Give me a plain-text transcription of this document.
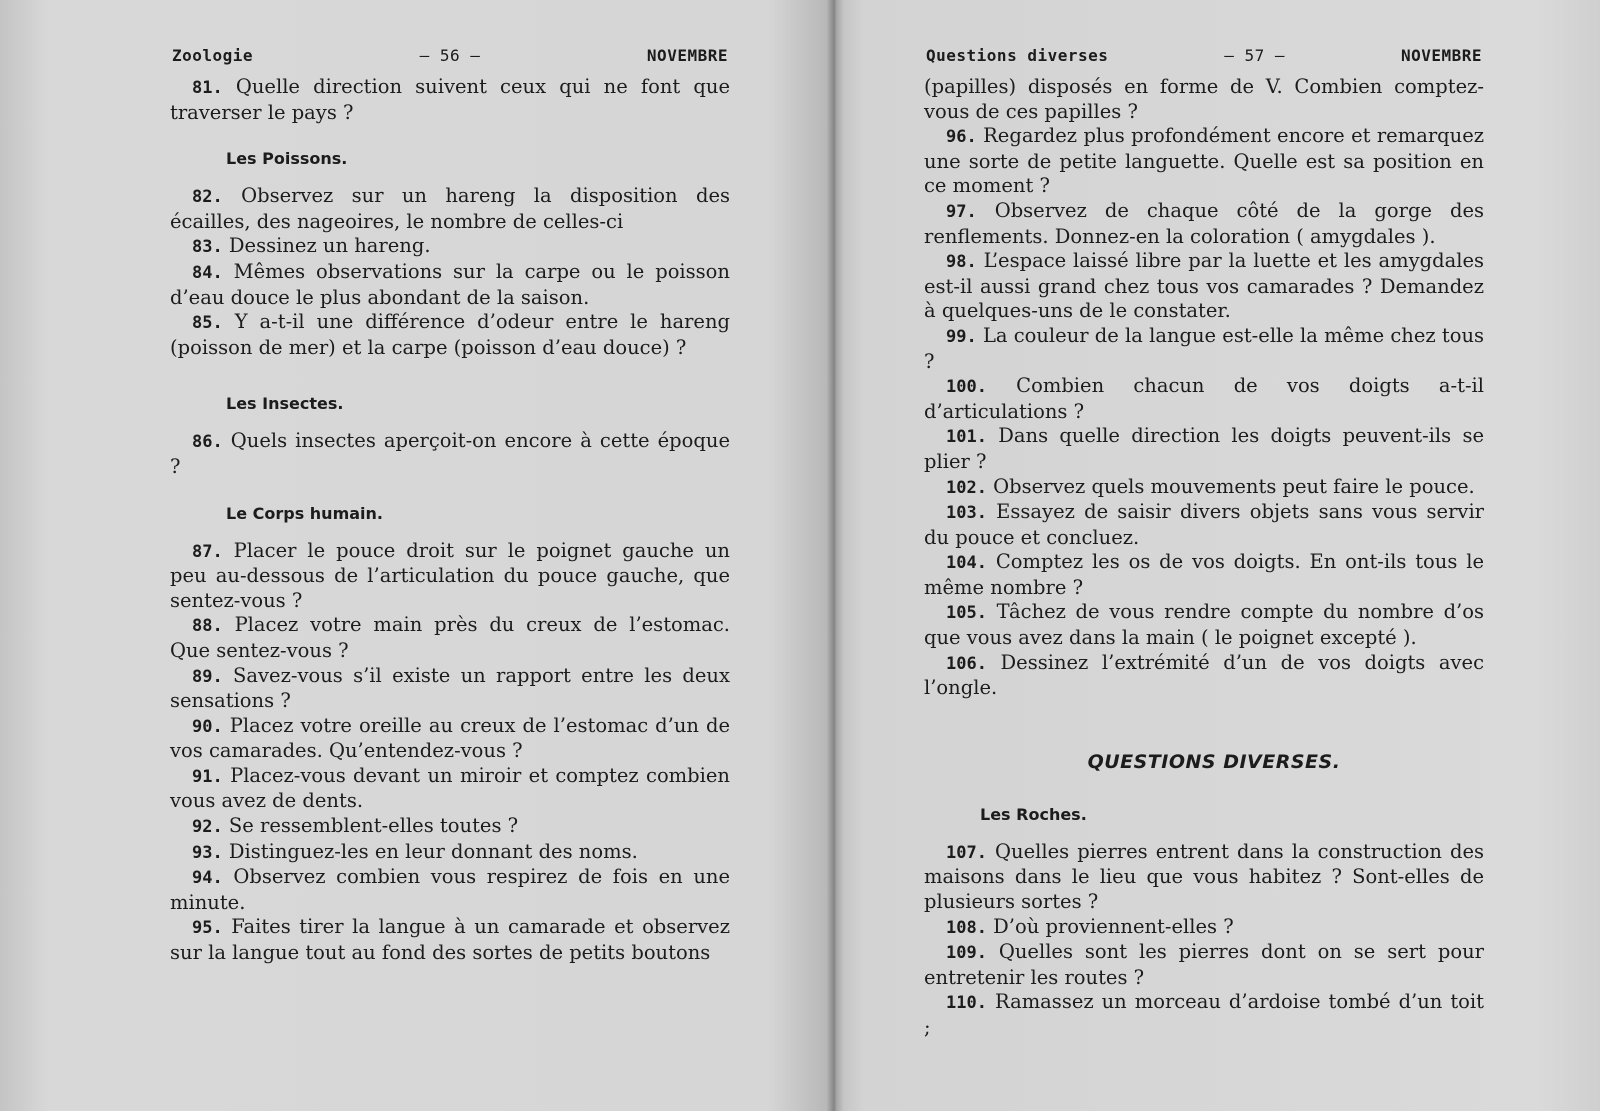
Zoologie	— 56 —	NOVEMBRE

81. Quelle direction suivent ceux qui ne font que traverser le pays ?

Les Poissons.

82. Observez sur un hareng la disposition des écailles, des nageoires, le nombre de celles-ci

83. Dessinez un hareng.

84. Mêmes observations sur la carpe ou le poisson d’eau douce le plus abondant de la saison.

85. Y a-t-il une différence d’odeur entre le hareng (poisson de mer) et la carpe (poisson d’eau douce) ?

Les Insectes.

86. Quels insectes aperçoit-on encore à cette époque ?

Le Corps humain.

87. Placer le pouce droit sur le poignet gauche un peu au-dessous de l’articulation du pouce gauche, que sentez-vous ?

88. Placez votre main près du creux de l’estomac. Que sentez-vous ?

89. Savez-vous s’il existe un rapport entre les deux sensations ?

90. Placez votre oreille au creux de l’estomac d’un de vos camarades. Qu’entendez-vous ?

91. Placez-vous devant un miroir et comptez combien vous avez de dents.

92. Se ressemblent-elles toutes ?

93. Distinguez-les en leur donnant des noms.

94. Observez combien vous respirez de fois en une minute.

95. Faites tirer la langue à un camarade et observez sur la langue tout au fond des sortes de petits boutons

Questions diverses	— 57 —	NOVEMBRE

(papilles) disposés en forme de V. Combien comptez-vous de ces papilles ?

96. Regardez plus profondément encore et remarquez une sorte de petite languette. Quelle est sa position en ce moment ?

97. Observez de chaque côté de la gorge des renflements. Donnez-en la coloration ( amygdales ).

98. L’espace laissé libre par la luette et les amygdales est-il aussi grand chez tous vos camarades ? Demandez à quelques-uns de le constater.

99. La couleur de la langue est-elle la même chez tous ?

100. Combien chacun de vos doigts a-t-il d’articulations ?

101. Dans quelle direction les doigts peuvent-ils se plier ?

102. Observez quels mouvements peut faire le pouce.

103. Essayez de saisir divers objets sans vous servir du pouce et concluez.

104. Comptez les os de vos doigts. En ont-ils tous le même nombre ?

105. Tâchez de vous rendre compte du nombre d’os que vous avez dans la main ( le poignet excepté ).

106. Dessinez l’extrémité d’un de vos doigts avec l’ongle.

QUESTIONS DIVERSES.
Les Roches.

107. Quelles pierres entrent dans la construction des maisons dans le lieu que vous habitez ? Sont-elles de plusieurs sortes ?

108. D’où proviennent-elles ?

109. Quelles sont les pierres dont on se sert pour entretenir les routes ?

110. Ramassez un morceau d’ardoise tombé d’un toit ;
